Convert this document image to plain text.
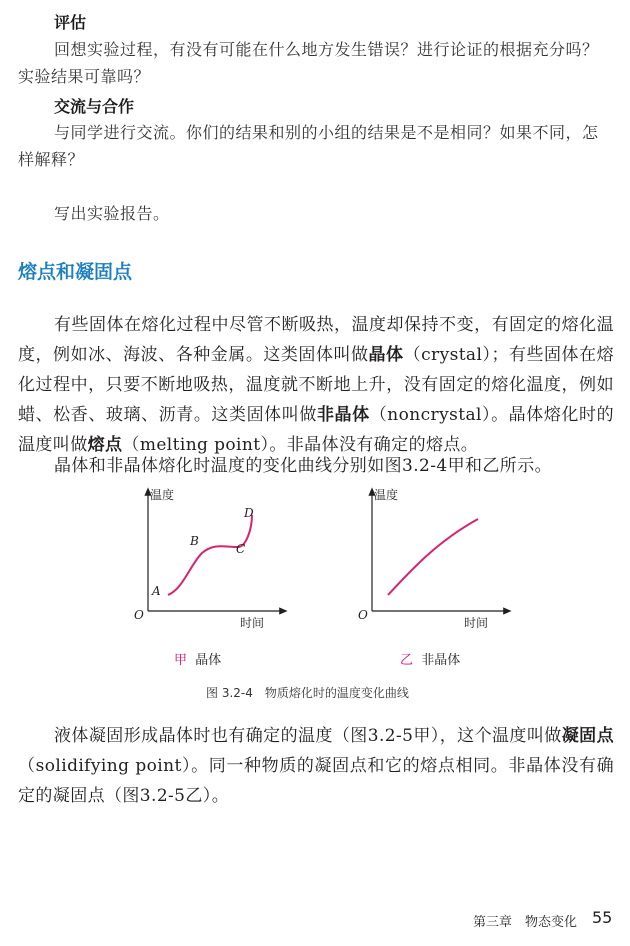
评估
回想实验过程，有没有可能在什么地方发生错误？进行论证的根据充分吗？实验结果可靠吗？
交流与合作
与同学进行交流。你们的结果和别的小组的结果是不是相同？如果不同，怎样解释？
写出实验报告。
熔点和凝固点
有些固体在熔化过程中尽管不断吸热，温度却保持不变，有固定的熔化温度，例如冰、海波、各种金属。这类固体叫做晶体（crystal）；有些固体在熔化过程中，只要不断地吸热，温度就不断地上升，没有固定的熔化温度，例如蜡、松香、玻璃、沥青。这类固体叫做非晶体（noncrystal）。晶体熔化时的温度叫做熔点（melting point）。非晶体没有确定的熔点。
晶体和非晶体熔化时温度的变化曲线分别如图3.2-4甲和乙所示。
温度
时间
O
A
B
C
D
温度
时间
O
甲 晶体	乙 非晶体
图 3.2-4　物质熔化时的温度变化曲线
液体凝固形成晶体时也有确定的温度（图3.2-5甲），这个温度叫做凝固点（solidifying point）。同一种物质的凝固点和它的熔点相同。非晶体没有确定的凝固点（图3.2-5乙）。
第三章　物态变化 55
